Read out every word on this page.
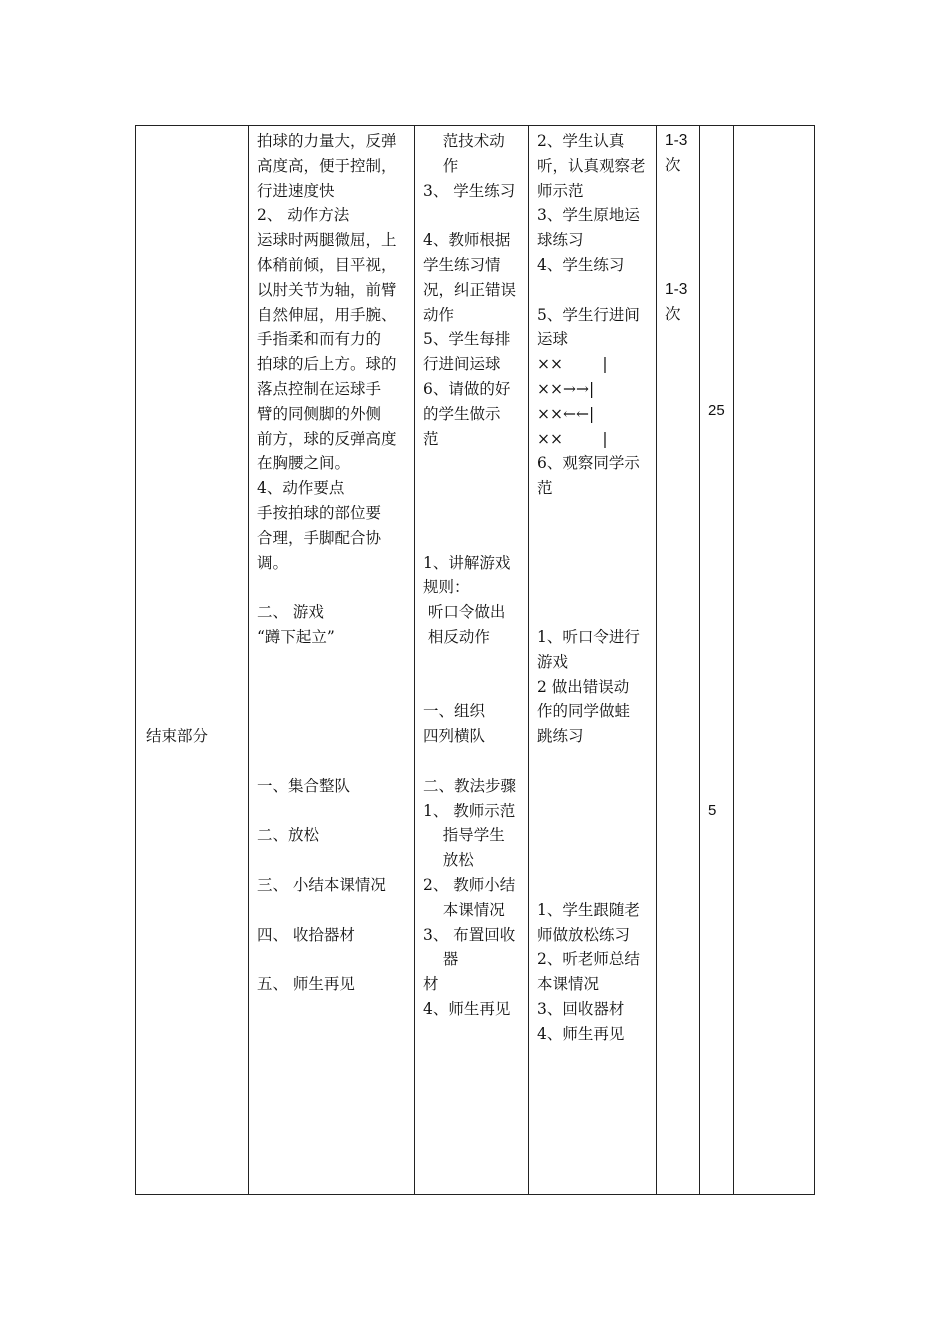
结束部分
拍球的力量大，反弹
高度高，便于控制，
行进速度快
2、 动作方法
运球时两腿微屈，上
体稍前倾，目平视，
以肘关节为轴，前臂
自然伸屈，用手腕、
手指柔和而有力的
拍球的后上方。球的
落点控制在运球手
臂的同侧脚的外侧
前方，球的反弹高度
在胸腰之间。
4、动作要点
手按拍球的部位要
合理，手脚配合协
调。
二、 游戏
“蹲下起立”
一、集合整队
二、放松
三、 小结本课情况
四、 收拾器材
五、 师生再见
范技术动
作
3、 学生练习
4、教师根据
学生练习情
况，纠正错误
动作
5、学生每排
行进间运球
6、请做的好
的学生做示
范
1、讲解游戏
规则：
听口令做出
相反动作
一、组织
四列横队
二、教法步骤
1、 教师示范
指导学生
放松
2、 教师小结
本课情况
3、 布置回收
器
材
4、师生再见
2、学生认真
听，认真观察老
师示范
3、学生原地运
球练习
4、学生练习
5、学生行进间
运球
××        |
××→→|
××←←|
××        |
6、观察同学示
范
1、听口令进行
游戏
2 做出错误动
作的同学做蛙
跳练习
1、学生跟随老
师做放松练习
2、听老师总结
本课情况
3、回收器材
4、师生再见
1-3
次
1-3
次
25
5
